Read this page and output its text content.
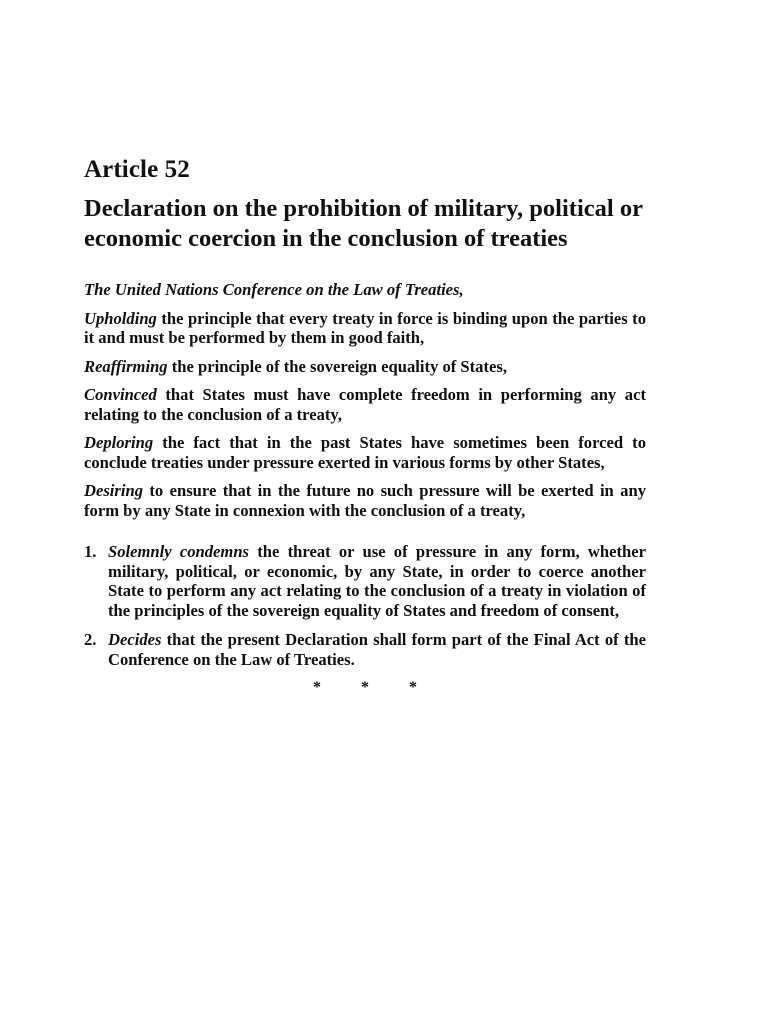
Article 52
Declaration on the prohibition of military, political or economic coercion in the conclusion of treaties

The United Nations Conference on the Law of Treaties,

Upholding the principle that every treaty in force is binding upon the parties to it and must be performed by them in good faith,

Reaffirming the principle of the sovereign equality of States,

Convinced that States must have complete freedom in performing any act relating to the conclusion of a treaty,

Deploring the fact that in the past States have sometimes been forced to conclude treaties under pressure exerted in various forms by other States,

Desiring to ensure that in the future no such pressure will be exerted in any form by any State in connexion with the conclusion of a treaty,

1. Solemnly condemns the threat or use of pressure in any form, whether military, political, or economic, by any State, in order to coerce another State to perform any act relating to the conclusion of a treaty in violation of the principles of the sovereign equality of States and freedom of consent,

2. Decides that the present Declaration shall form part of the Final Act of the Conference on the Law of Treaties.

* * *
